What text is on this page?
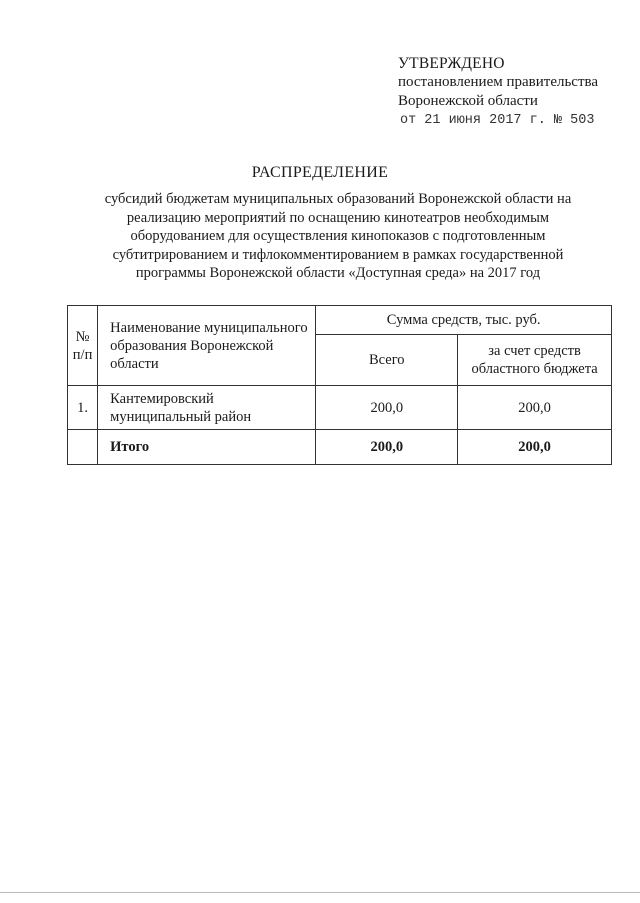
УТВЕРЖДЕНО
постановлением правительства
Воронежской области
от 21 июня 2017 г. № 503
РАСПРЕДЕЛЕНИЕ
субсидий бюджетам муниципальных образований Воронежской области на
реализацию мероприятий по оснащению кинотеатров необходимым
оборудованием для осуществления кинопоказов с подготовленным
субтитрированием и тифлокомментированием в рамках государственной
программы Воронежской области «Доступная среда» на 2017 год
№ п/п	Наименование муниципального образования Воронежской области	Сумма средств, тыс. руб.	
		Всего	за счет средств областного бюджета
1.	Кантемировский муниципальный район	200,0	200,0
	Итого	200,0	200,0
